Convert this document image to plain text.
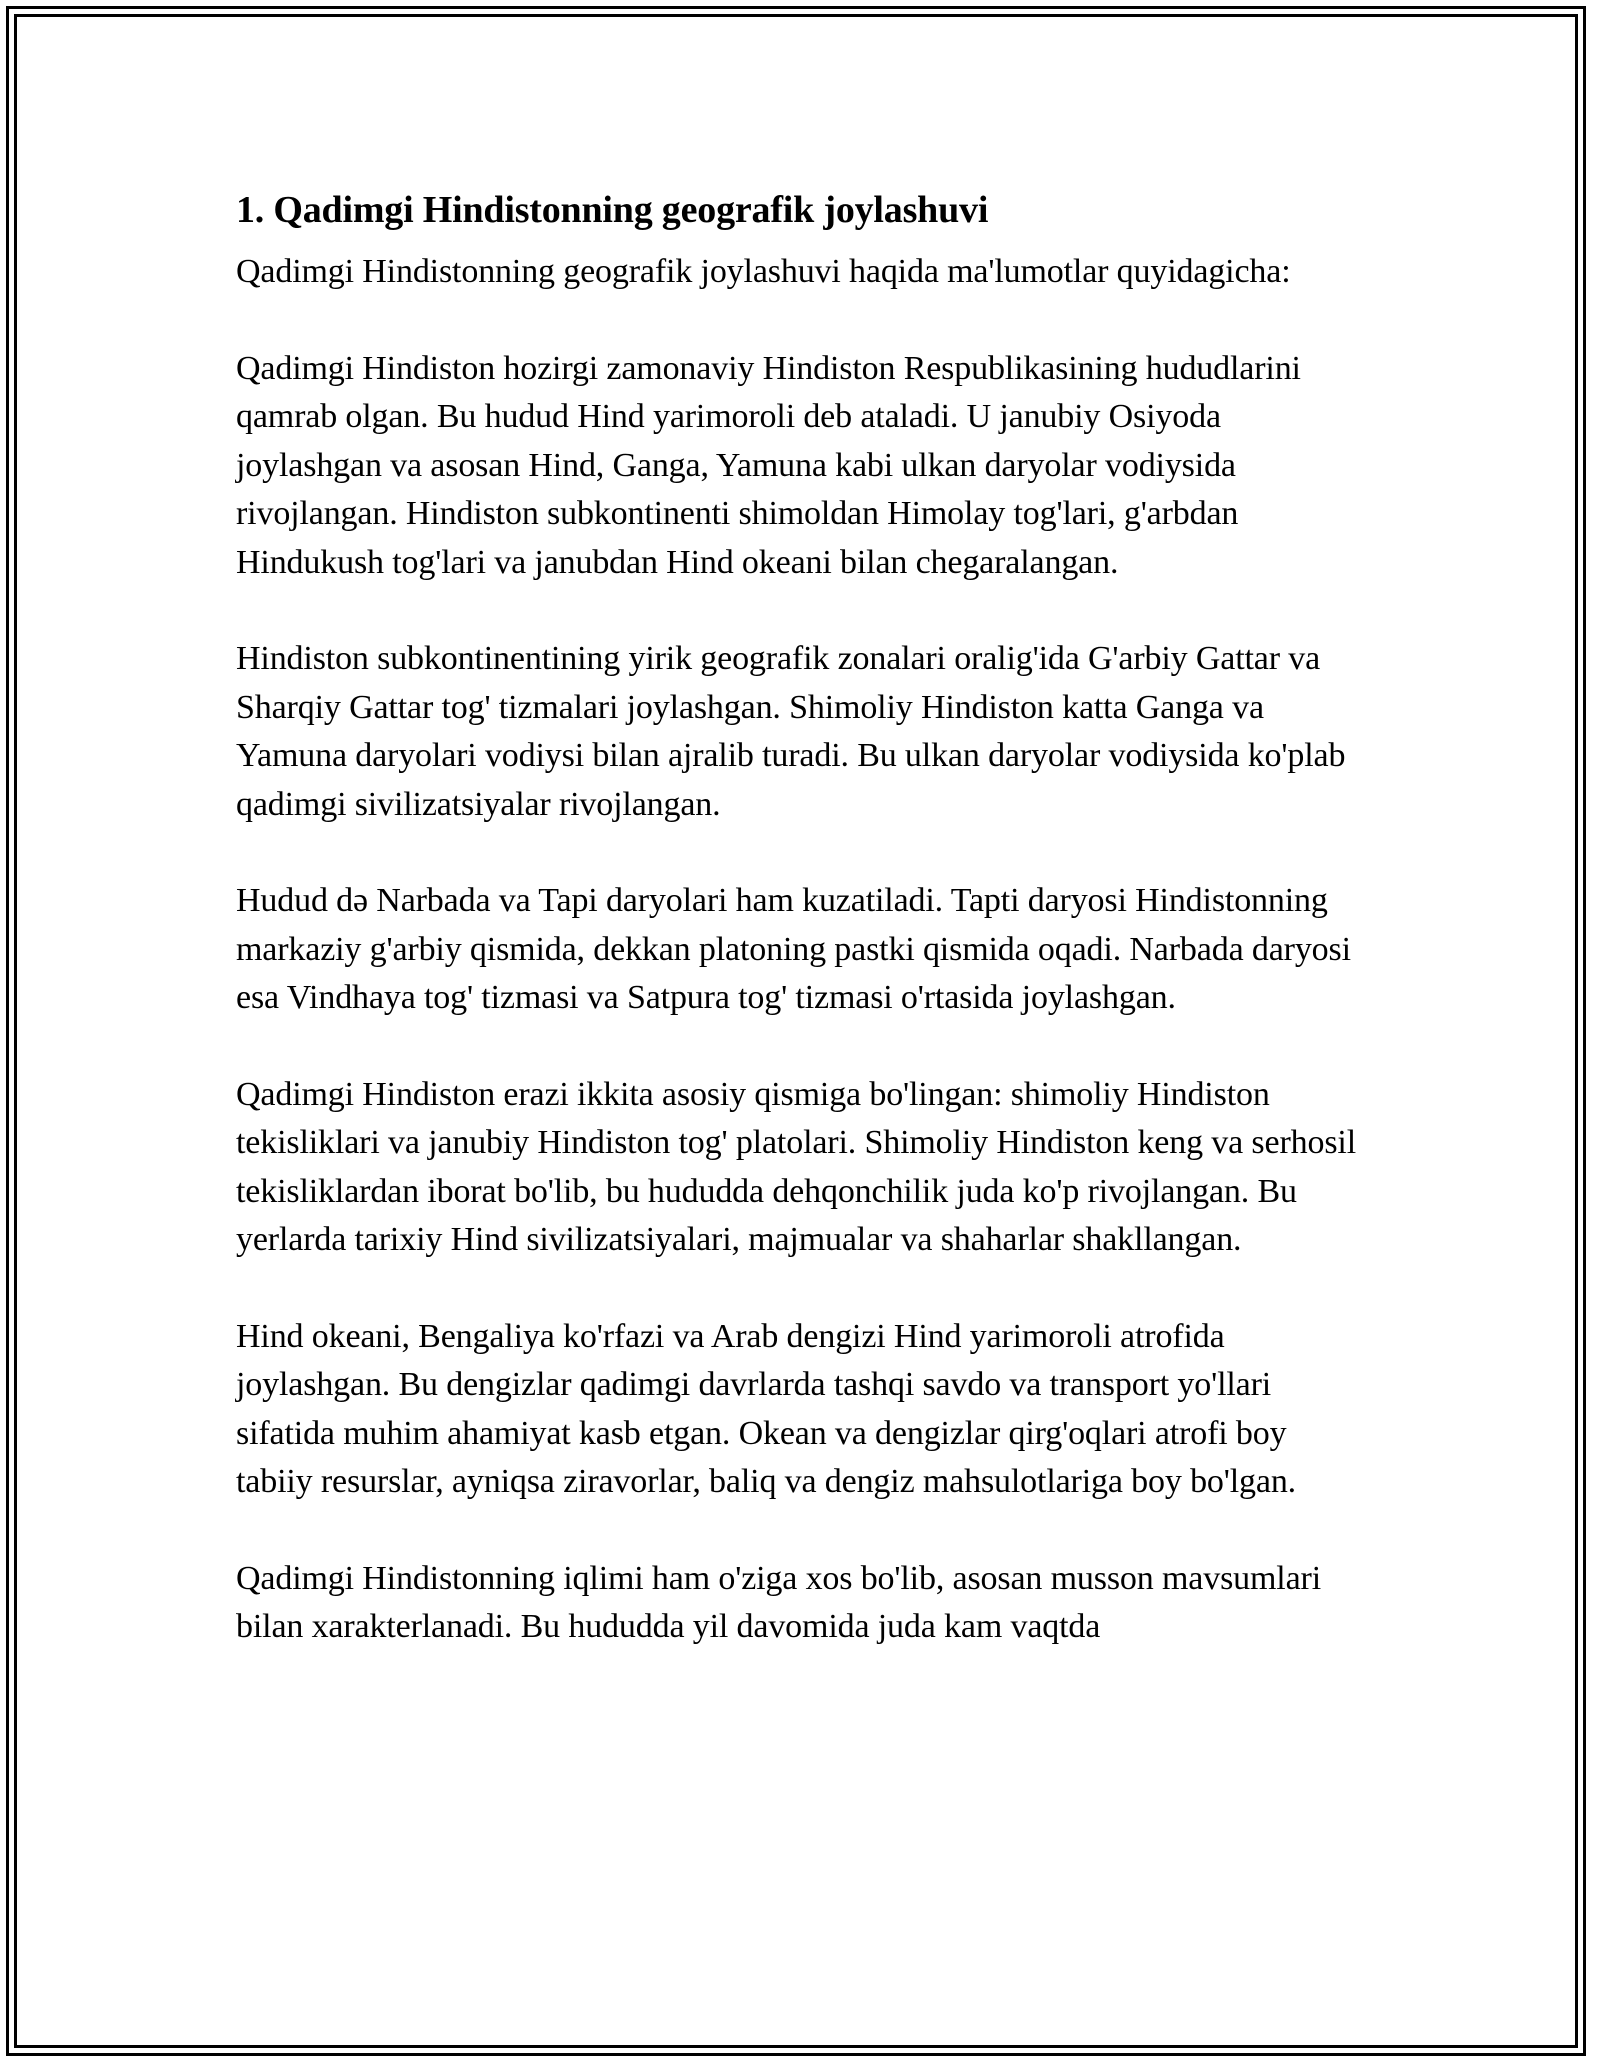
1. Qadimgi Hindistonning geografik joylashuvi

Qadimgi Hindistonning geografik joylashuvi haqida ma'lumotlar quyidagicha:

Qadimgi Hindiston hozirgi zamonaviy Hindiston Respublikasining hududlarini qamrab olgan. Bu hudud Hind yarimoroli deb ataladi. U janubiy Osiyoda joylashgan va asosan Hind, Ganga, Yamuna kabi ulkan daryolar vodiysida rivojlangan. Hindiston subkontinenti shimoldan Himolay tog'lari, g'arbdan Hindukush tog'lari va janubdan Hind okeani bilan chegaralangan.

Hindiston subkontinentining yirik geografik zonalari oralig'ida G'arbiy Gattar va Sharqiy Gattar tog' tizmalari joylashgan. Shimoliy Hindiston katta Ganga va Yamuna daryolari vodiysi bilan ajralib turadi. Bu ulkan daryolar vodiysida ko'plab qadimgi sivilizatsiyalar rivojlangan.

Hudud də Narbada va Tapi daryolari ham kuzatiladi. Tapti daryosi Hindistonning markaziy g'arbiy qismida, dekkan platoning pastki qismida oqadi. Narbada daryosi esa Vindhaya tog' tizmasi va Satpura tog' tizmasi o'rtasida joylashgan.

Qadimgi Hindiston erazi ikkita asosiy qismiga bo'lingan: shimoliy Hindiston tekisliklari va janubiy Hindiston tog' platolari. Shimoliy Hindiston keng va serhosil tekisliklardan iborat bo'lib, bu hududda dehqonchilik juda ko'p rivojlangan. Bu yerlarda tarixiy Hind sivilizatsiyalari, majmualar va shaharlar shakllangan.

Hind okeani, Bengaliya ko'rfazi va Arab dengizi Hind yarimoroli atrofida joylashgan. Bu dengizlar qadimgi davrlarda tashqi savdo va transport yo'llari sifatida muhim ahamiyat kasb etgan. Okean va dengizlar qirg'oqlari atrofi boy tabiiy resurslar, ayniqsa ziravorlar, baliq va dengiz mahsulotlariga boy bo'lgan.

Qadimgi Hindistonning iqlimi ham o'ziga xos bo'lib, asosan musson mavsumlari bilan xarakterlanadi. Bu hududda yil davomida juda kam vaqtda
